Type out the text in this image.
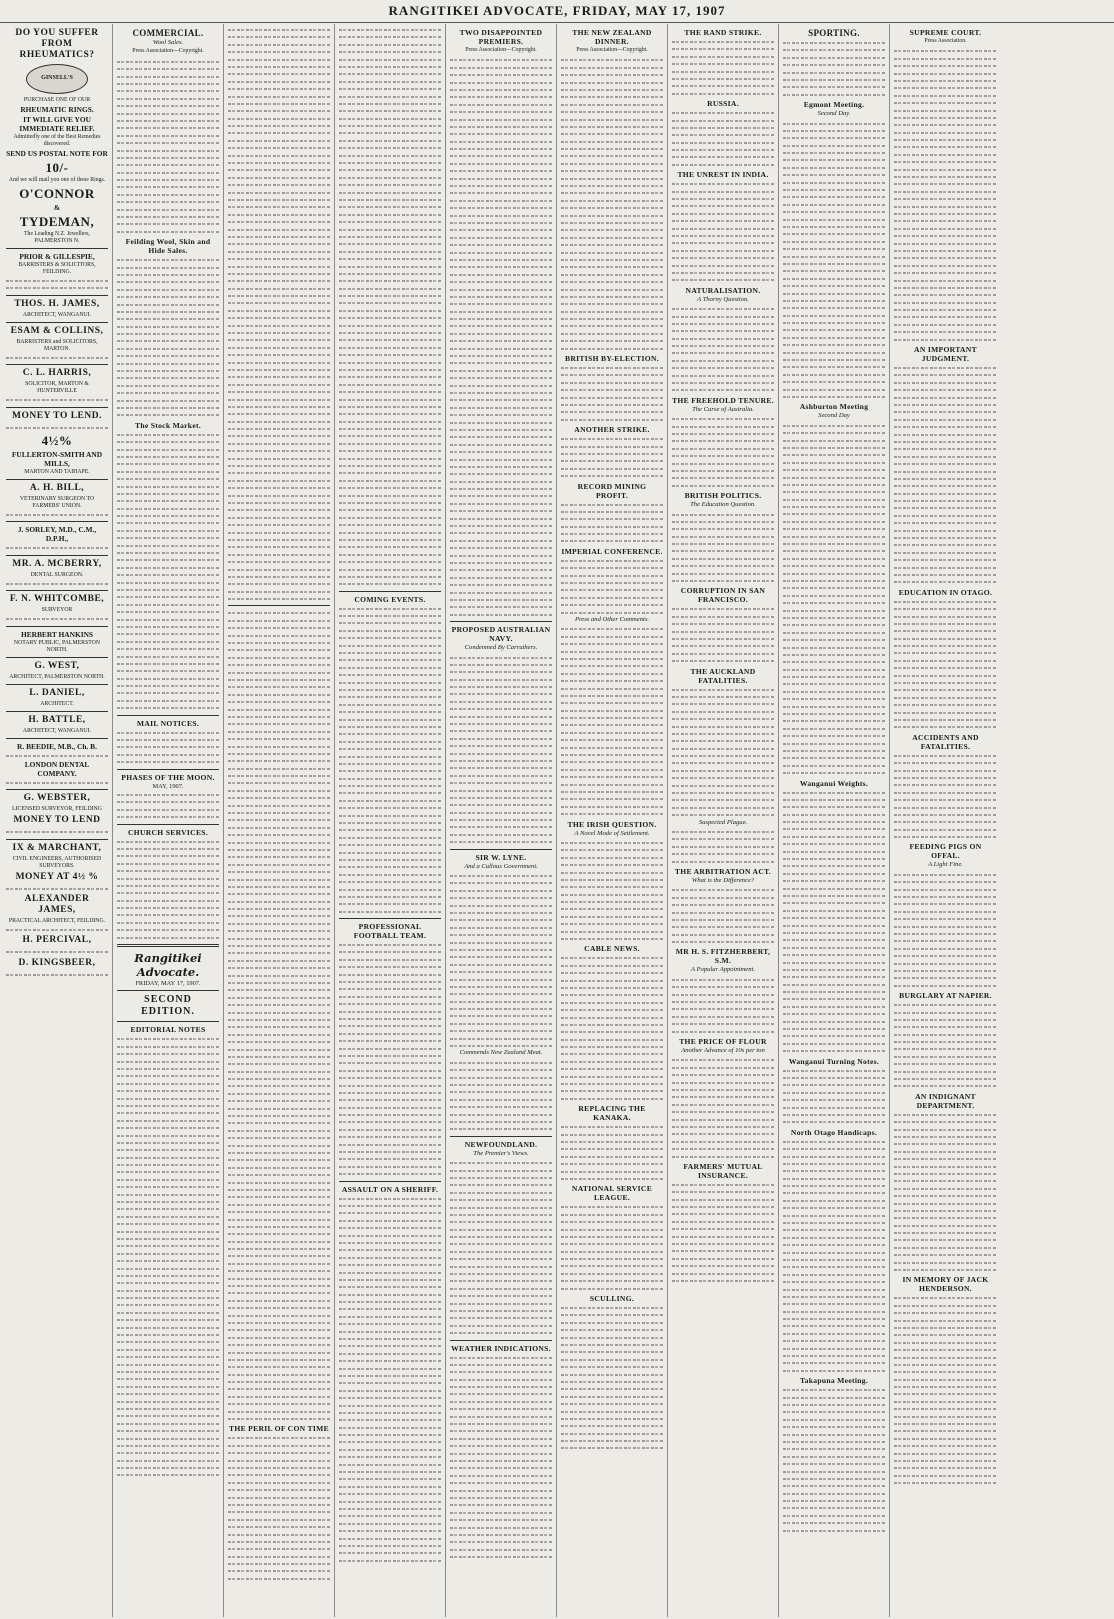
RANGITIKEI ADVOCATE, FRIDAY, MAY 17, 1907
DO YOU SUFFER FROM RHEUMATICS?
GINSELL'S
PURCHASE ONE OF OUR
RHEUMATIC RINGS.
IT WILL GIVE YOU IMMEDIATE RELIEF.
Admittedly one of the Best Remedies discovered.
SEND US POSTAL NOTE FOR
10/-
And we will mail you one of these Rings.
O'CONNOR
&
TYDEMAN,
The Leading N.Z. Jewellers, PALMERSTON N.
PRIOR & GILLESPIE,
BARRISTERS & SOLICITORS, FEILDING.
THOS. H. JAMES,
ARCHITECT, WANGANUI.
ESAM & COLLINS,
BARRISTERS and SOLICITORS, MARTON.
C. L. HARRIS,
SOLICITOR, MARTON & HUNTERVILLE
MONEY TO LEND.
4½%
FULLERTON-SMITH AND MILLS,
MARTON AND TAIHAPE.
A. H. BILL,
VETERINARY SURGEON TO FARMERS' UNION.
J. SORLEY, M.D., C.M., D.P.H.,
MR. A. MCBERRY,
DENTAL SURGEON.
F. N. WHITCOMBE,
SURVEYOR
HERBERT HANKINS
NOTARY PUBLIC, PALMERSTON NORTH.
G. WEST,
ARCHITECT, PALMERSTON NORTH.
L. DANIEL,
ARCHITECT.
H. BATTLE,
ARCHITECT, WANGANUI.
R. BEEDIE, M.B., Ch. B.
LONDON DENTAL COMPANY.
G. WEBSTER,
LICENSED SURVEYOR, FEILDING
MONEY TO LEND
IX & MARCHANT,
CIVIL ENGINEERS, AUTHORISED SURVEYORS.
MONEY AT 4½ %
ALEXANDER JAMES,
PRACTICAL ARCHITECT, FEILDING.
H. PERCIVAL,
D. KINGSBEER,
COMMERCIAL.
Wool Sales.
Press Association—Copyright.
Feilding Wool, Skin and Hide Sales.
The Stock Market.
MAIL NOTICES.
PHASES OF THE MOON.
MAY, 1907.
CHURCH SERVICES.
Rangitikei Advocate.
FRIDAY, MAY 17, 1907.
SECOND EDITION.
EDITORIAL NOTES
THE PERIL OF CON TIME
COMING EVENTS.
PROFESSIONAL FOOTBALL TEAM.
ASSAULT ON A SHERIFF.
TWO DISAPPOINTED PREMIERS.
Press Association—Copyright.
PROPOSED AUSTRALIAN NAVY.
Condemned By Carruthers.
SIR W. LYNE.
And a Callous Government.
Commends New Zealand Meat.
NEWFOUNDLAND.
The Premier's Views.
WEATHER INDICATIONS.
THE NEW ZEALAND DINNER.
Press Association—Copyright.
BRITISH BY-ELECTION.
ANOTHER STRIKE.
RECORD MINING PROFIT.
IMPERIAL CONFERENCE.
Press and Other Comments.
THE IRISH QUESTION.
A Novel Mode of Settlement.
CABLE NEWS.
REPLACING THE KANAKA.
NATIONAL SERVICE LEAGUE.
SCULLING.
THE RAND STRIKE.
RUSSIA.
THE UNREST IN INDIA.
NATURALISATION.
A Thorny Question.
THE FREEHOLD TENURE.
The Curse of Australia.
BRITISH POLITICS.
The Education Question.
CORRUPTION IN SAN FRANCISCO.
THE AUCKLAND FATALITIES.
Suspected Plague.
THE ARBITRATION ACT.
What is the Difference?
MR H. S. FITZHERBERT, S.M.
A Popular Appointment.
THE PRICE OF FLOUR
Another Advance of 10s per ton
FARMERS' MUTUAL INSURANCE.
SPORTING.
Egmont Meeting.
Second Day.
Ashburton Meeting
Second Day
Wanganui Weights.
Wanganui Turning Notes.
North Otago Handicaps.
Takapuna Meeting.
SUPREME COURT.
Press Association.
AN IMPORTANT JUDGMENT.
EDUCATION IN OTAGO.
ACCIDENTS AND FATALITIES.
FEEDING PIGS ON OFFAL.
A Light Fine.
BURGLARY AT NAPIER.
AN INDIGNANT DEPARTMENT.
IN MEMORY OF JACK HENDERSON.
